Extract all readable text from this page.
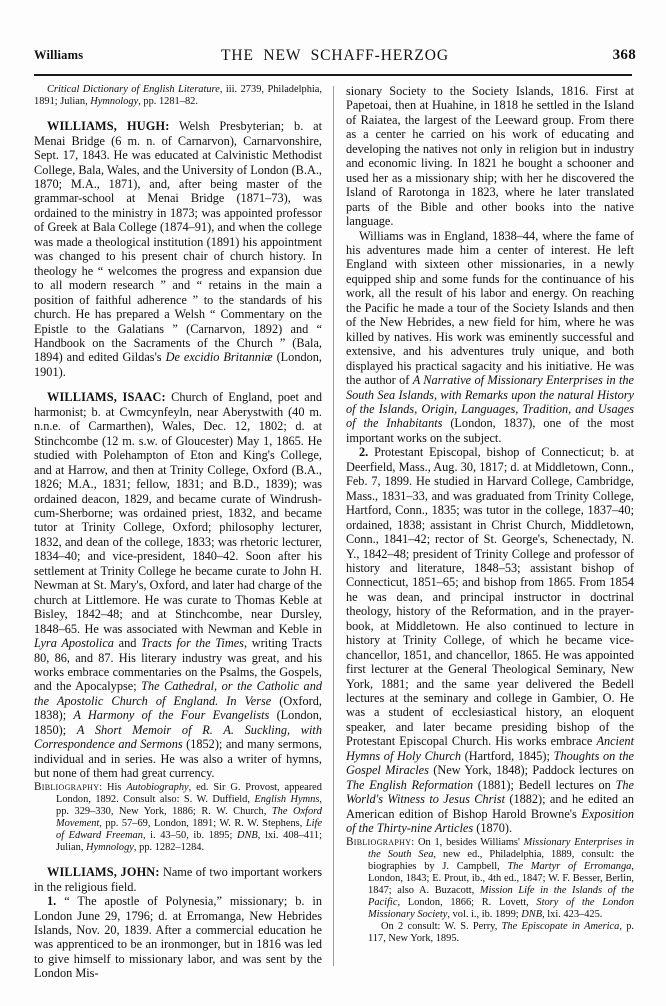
Williams	THE  NEW  SCHAFF-HERZOG	368

Critical Dictionary of English Literature, iii. 2739, Philadelphia, 1891; Julian, Hymnology, pp. 1281–82.

WILLIAMS, HUGH: Welsh Presbyterian; b. at Menai Bridge (6 m. n. of Carnarvon), Carnarvonshire, Sept. 17, 1843. He was educated at Calvinistic Methodist College, Bala, Wales, and the University of London (B.A., 1870; M.A., 1871), and, after being master of the grammar-school at Menai Bridge (1871–73), was ordained to the ministry in 1873; was appointed professor of Greek at Bala College (1874–91), and when the college was made a theological institution (1891) his appointment was changed to his present chair of church history. In theology he “ welcomes the progress and expansion due to all modern research ” and “ retains in the main a position of faithful adherence ” to the standards of his church. He has prepared a Welsh “ Commentary on the Epistle to the Galatians ” (Carnarvon, 1892) and “ Handbook on the Sacraments of the Church ” (Bala, 1894) and edited Gildas's De excidio Britanniæ (London, 1901).

WILLIAMS, ISAAC: Church of England, poet and harmonist; b. at Cwmcynfeyln, near Aberystwith (40 m. n.n.e. of Carmarthen), Wales, Dec. 12, 1802; d. at Stinchcombe (12 m. s.w. of Gloucester) May 1, 1865. He studied with Polehampton of Eton and King's College, and at Harrow, and then at Trinity College, Oxford (B.A., 1826; M.A., 1831; fellow, 1831; and B.D., 1839); was ordained deacon, 1829, and became curate of Windrush-cum-Sherborne; was ordained priest, 1832, and became tutor at Trinity College, Oxford; philosophy lecturer, 1832, and dean of the college, 1833; was rhetoric lecturer, 1834–40; and vice-president, 1840–42. Soon after his settlement at Trinity College he became curate to John H. Newman at St. Mary's, Oxford, and later had charge of the church at Littlemore. He was curate to Thomas Keble at Bisley, 1842–48; and at Stinchcombe, near Dursley, 1848–65. He was associated with Newman and Keble in Lyra Apostolica and Tracts for the Times, writing Tracts 80, 86, and 87. His literary industry was great, and his works embrace commentaries on the Psalms, the Gospels, and the Apocalypse; The Cathedral, or the Catholic and the Apostolic Church of England. In Verse (Oxford, 1838); A Harmony of the Four Evangelists (London, 1850); A Short Memoir of R. A. Suckling, with Correspondence and Sermons (1852); and many sermons, individual and in series. He was also a writer of hymns, but none of them had great currency.

Bibliography: His Autobiography, ed. Sir G. Provost, appeared London, 1892. Consult also: S. W. Duffield, English Hymns, pp. 329–330, New York, 1886; R. W. Church, The Oxford Movement, pp. 57–69, London, 1891; W. R. W. Stephens, Life of Edward Freeman, i. 43–50, ib. 1895; DNB, lxi. 408–411; Julian, Hymnology, pp. 1282–1284.

WILLIAMS, JOHN: Name of two important workers in the religious field.

1. “ The apostle of Polynesia,” missionary; b. in London June 29, 1796; d. at Erromanga, New Hebrides Islands, Nov. 20, 1839. After a commercial education he was apprenticed to be an ironmonger, but in 1816 was led to give himself to missionary labor, and was sent by the London Mis-

sionary Society to the Society Islands, 1816. First at Papetoai, then at Huahine, in 1818 he settled in the Island of Raiatea, the largest of the Leeward group. From there as a center he carried on his work of educating and developing the natives not only in religion but in industry and economic living. In 1821 he bought a schooner and used her as a missionary ship; with her he discovered the Island of Rarotonga in 1823, where he later translated parts of the Bible and other books into the native language.

Williams was in England, 1838–44, where the fame of his adventures made him a center of interest. He left England with sixteen other missionaries, in a newly equipped ship and some funds for the continuance of his work, all the result of his labor and energy. On reaching the Pacific he made a tour of the Society Islands and then of the New Hebrides, a new field for him, where he was killed by natives. His work was eminently successful and extensive, and his adventures truly unique, and both displayed his practical sagacity and his initiative. He was the author of A Narrative of Missionary Enterprises in the South Sea Islands, with Remarks upon the natural History of the Islands, Origin, Languages, Tradition, and Usages of the Inhabitants (London, 1837), one of the most important works on the subject.

2. Protestant Episcopal, bishop of Connecticut; b. at Deerfield, Mass., Aug. 30, 1817; d. at Middletown, Conn., Feb. 7, 1899. He studied in Harvard College, Cambridge, Mass., 1831–33, and was graduated from Trinity College, Hartford, Conn., 1835; was tutor in the college, 1837–40; ordained, 1838; assistant in Christ Church, Middletown, Conn., 1841–42; rector of St. George's, Schenectady, N. Y., 1842–48; president of Trinity College and professor of history and literature, 1848–53; assistant bishop of Connecticut, 1851–65; and bishop from 1865. From 1854 he was dean, and principal instructor in doctrinal theology, history of the Reformation, and in the prayer-book, at Middletown. He also continued to lecture in history at Trinity College, of which he became vice-chancellor, 1851, and chancellor, 1865. He was appointed first lecturer at the General Theological Seminary, New York, 1881; and the same year delivered the Bedell lectures at the seminary and college in Gambier, O. He was a student of ecclesiastical history, an eloquent speaker, and later became presiding bishop of the Protestant Episcopal Church. His works embrace Ancient Hymns of Holy Church (Hartford, 1845); Thoughts on the Gospel Miracles (New York, 1848); Paddock lectures on The English Reformation (1881); Bedell lectures on The World's Witness to Jesus Christ (1882); and he edited an American edition of Bishop Harold Browne's Exposition of the Thirty-nine Articles (1870).

Bibliography: On 1, besides Williams' Missionary Enterprises in the South Sea, new ed., Philadelphia, 1889, consult: the biographies by J. Campbell, The Martyr of Erromanga, London, 1843; E. Prout, ib., 4th ed., 1847; W. F. Besser, Berlin, 1847; also A. Buzacott, Mission Life in the Islands of the Pacific, London, 1866; R. Lovett, Story of the London Missionary Society, vol. i., ib. 1899; DNB, lxi. 423–425.

On 2 consult: W. S. Perry, The Episcopate in America, p. 117, New York, 1895.
